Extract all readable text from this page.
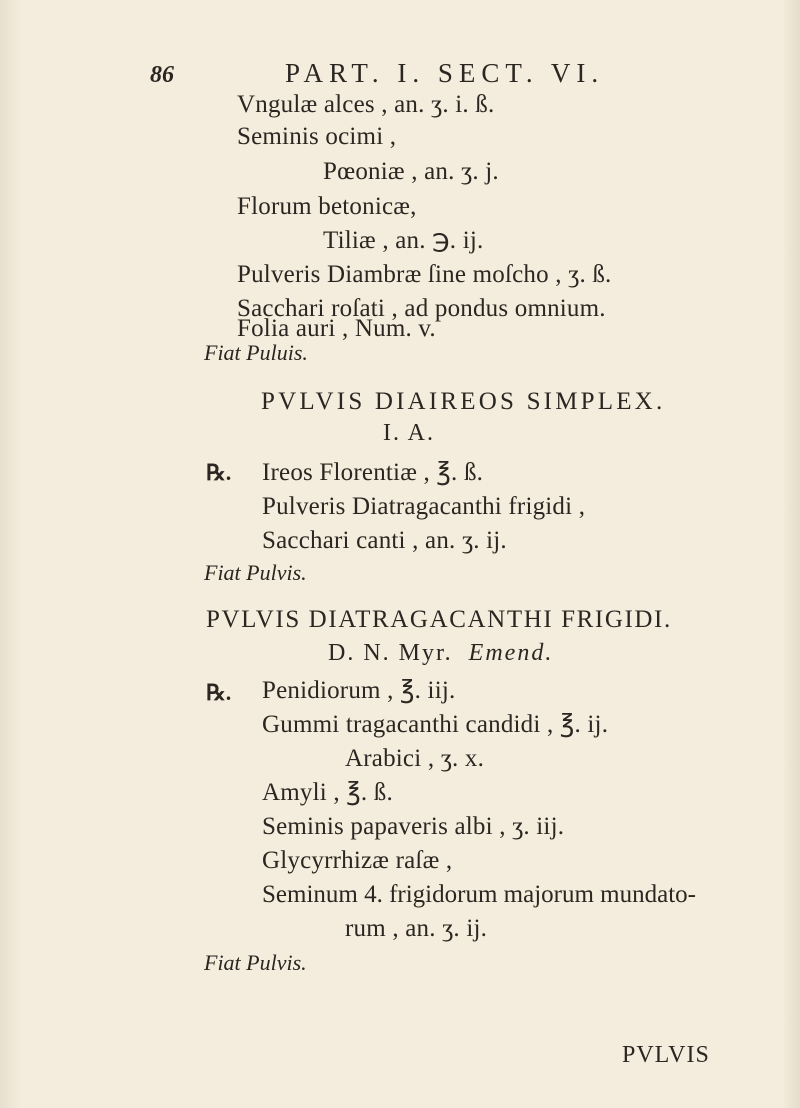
86	PART. I. SECT. VI.
Vngulæ alces , an. ʒ. i. ß.
Seminis ocimi ,
Pœoniæ , an. ʒ. j.
Florum betonicæ,
Tiliæ , an. ℈. ij.
Pulveris Diambræ ſine moſcho , ʒ. ß.
Sacchari roſati , ad pondus omnium.
Folia auri , Num. v.
Fiat Puluis.
PVLVIS DIAIREOS SIMPLEX.
I. A.
℞. Ireos Florentiæ , ℥. ß.
Pulveris Diatragacanthi frigidi ,
Sacchari canti , an. ʒ. ij.
Fiat Pulvis.
PVLVIS DIATRAGACANTHI FRIGIDI.
D. N. Myr. Emend.
℞. Penidiorum , ℥. iij.
Gummi tragacanthi candidi , ℥. ij.
Arabici , ʒ. x.
Amyli , ℥. ß.
Seminis papaveris albi , ʒ. iij.
Glycyrrhizæ raſæ ,
Seminum 4. frigidorum majorum mundato-
rum , an. ʒ. ij.
Fiat Pulvis.
PVLVIS
